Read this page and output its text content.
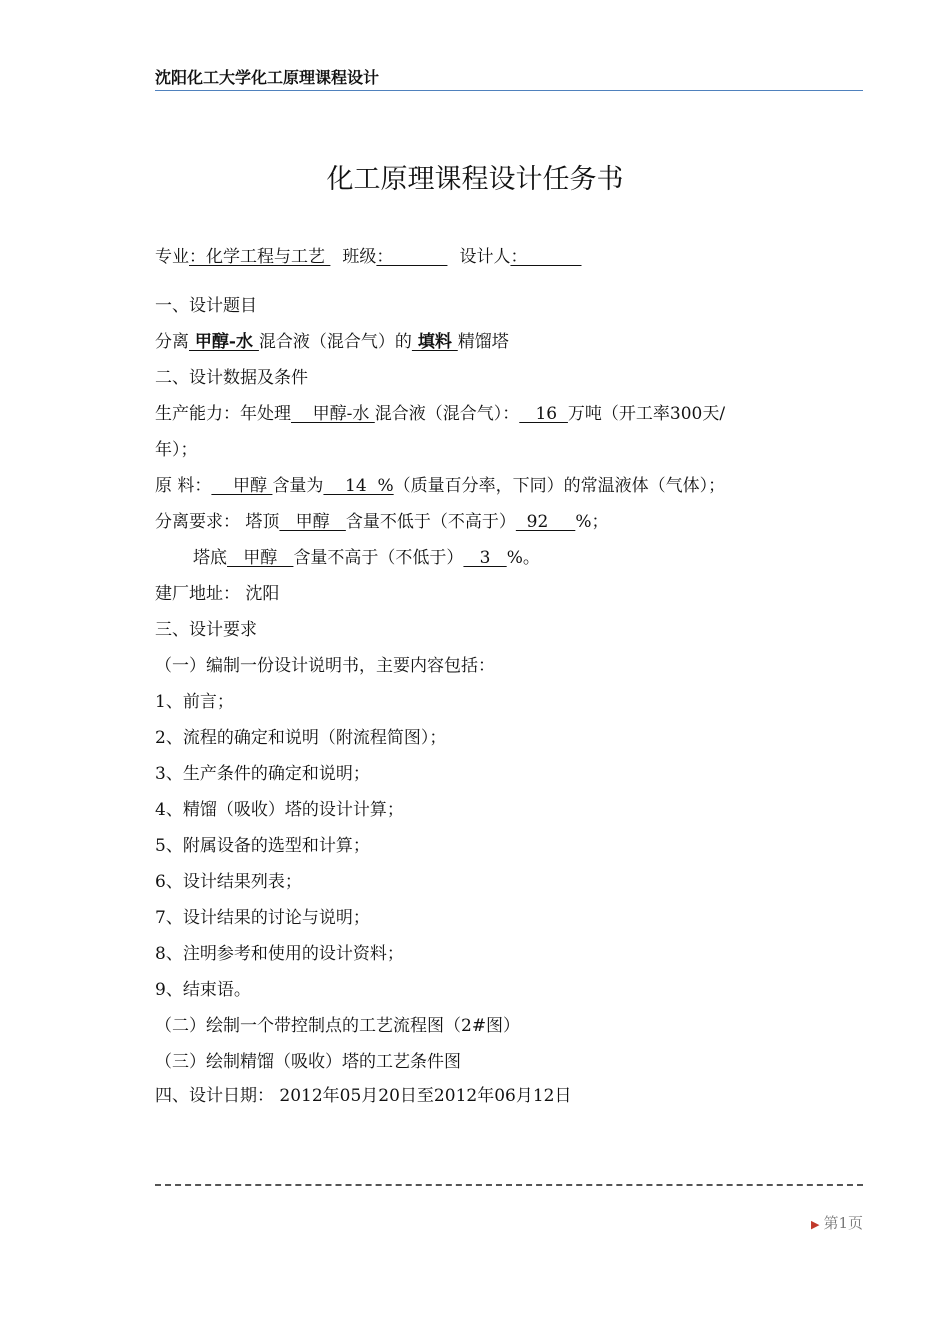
沈阳化工大学化工原理课程设计
化工原理课程设计任务书
专业：化学工程与工艺 班级：          设计人：
一、设计题目
分离 甲醇-水 混合液（混合气）的 填料 精馏塔
二、设计数据及条件
生产能力：年处理    甲醇-水 混合液（混合气）：   16  万吨（开工率300天/
年）；
原 料：    甲醇 含量为    14  %（质量百分率，下同）的常温液体（气体）；
分离要求： 塔顶   甲醇   含量不低于（不高于）  92     %；
塔底   甲醇   含量不高于（不低于）   3   %。
建厂地址： 沈阳
三、设计要求
（一）编制一份设计说明书，主要内容包括：
1、前言；
2、流程的确定和说明（附流程简图）；
3、生产条件的确定和说明；
4、精馏（吸收）塔的设计计算；
5、附属设备的选型和计算；
6、设计结果列表；
7、设计结果的讨论与说明；
8、注明参考和使用的设计资料；
9、结束语。
（二）绘制一个带控制点的工艺流程图（2#图）
（三）绘制精馏（吸收）塔的工艺条件图
四、设计日期： 2012年05月20日至2012年06月12日
▶ 第1页
